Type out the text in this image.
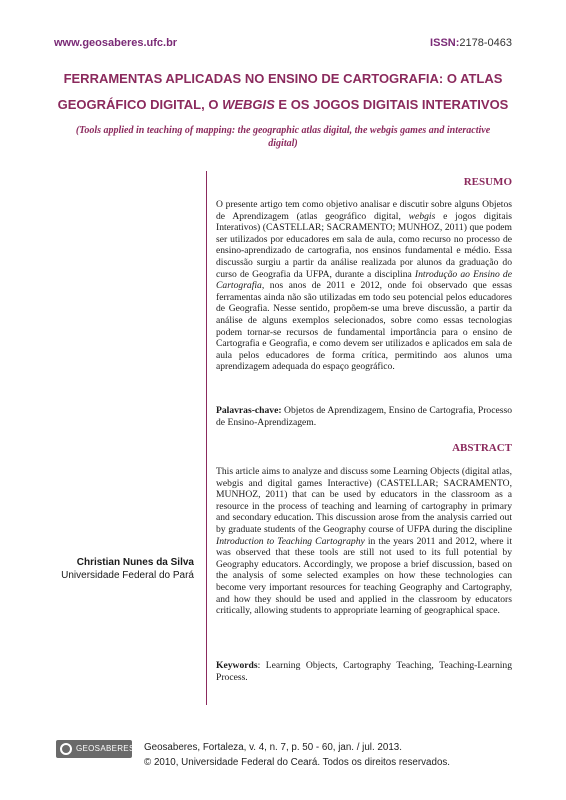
www.geosaberes.ufc.br	ISSN:2178-0463
FERRAMENTAS APLICADAS NO ENSINO DE CARTOGRAFIA: O ATLAS
GEOGRÁFICO DIGITAL, O WEBGIS E OS JOGOS DIGITAIS INTERATIVOS
(Tools applied in teaching of mapping: the geographic atlas digital, the webgis games and interactive digital)
RESUMO
O presente artigo tem como objetivo analisar e discutir sobre alguns Objetos de Aprendizagem (atlas geográfico digital, webgis e jogos digitais Interativos) (CASTELLAR; SACRAMENTO; MUNHOZ, 2011) que podem ser utilizados por educadores em sala de aula, como recurso no processo de ensino-aprendizado de cartografia, nos ensinos fundamental e médio. Essa discussão surgiu a partir da análise realizada por alunos da graduação do curso de Geografia da UFPA, durante a disciplina Introdução ao Ensino de Cartografia, nos anos de 2011 e 2012, onde foi observado que essas ferramentas ainda não são utilizadas em todo seu potencial pelos educadores de Geografia. Nesse sentido, propõem-se uma breve discussão, a partir da análise de alguns exemplos selecionados, sobre como essas tecnologias podem tornar-se recursos de fundamental importância para o ensino de Cartografia e Geografia, e como devem ser utilizados e aplicados em sala de aula pelos educadores de forma crítica, permitindo aos alunos uma aprendizagem adequada do espaço geográfico.
Palavras-chave: Objetos de Aprendizagem, Ensino de Cartografia, Processo de Ensino-Aprendizagem.
ABSTRACT
This article aims to analyze and discuss some Learning Objects (digital atlas, webgis and digital games Interactive) (CASTELLAR; SACRAMENTO, MUNHOZ, 2011) that can be used by educators in the classroom as a resource in the process of teaching and learning of cartography in primary and secondary education. This discussion arose from the analysis carried out by graduate students of the Geography course of UFPA during the discipline Introduction to Teaching Cartography in the years 2011 and 2012, where it was observed that these tools are still not used to its full potential by Geography educators. Accordingly, we propose a brief discussion, based on the analysis of some selected examples on how these technologies can become very important resources for teaching Geography and Cartography, and how they should be used and applied in the classroom by educators critically, allowing students to appropriate learning of geographical space.
Keywords: Learning Objects, Cartography Teaching, Teaching-Learning Process.
Christian Nunes da Silva
Universidade Federal do Pará
GEOSABERES Geosaberes, Fortaleza, v. 4, n. 7, p. 50 - 60, jan. / jul. 2013.
© 2010, Universidade Federal do Ceará. Todos os direitos reservados.
